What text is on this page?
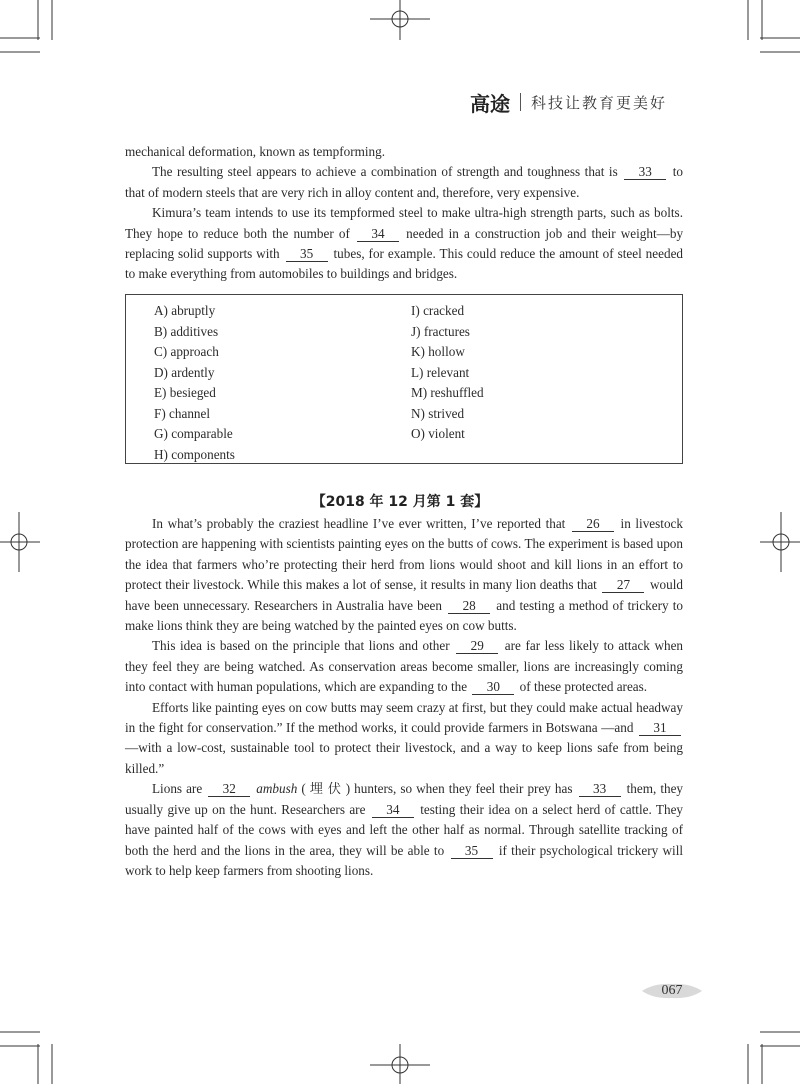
高途 科技让教育更美好

mechanical deformation, known as tempforming.

The resulting steel appears to achieve a combination of strength and toughness that is 33 to that of modern steels that are very rich in alloy content and, therefore, very expensive.

Kimura’s team intends to use its tempformed steel to make ultra-high strength parts, such as bolts. They hope to reduce both the number of 34 needed in a construction job and their weight—by replacing solid supports with 35 tubes, for example. This could reduce the amount of steel needed to make everything from automobiles to buildings and bridges.

A) abruptly
B) additives
C) approach
D) ardently
E) besieged
F) channel
G) comparable
H) components
I) cracked
J) fractures
K) hollow
L) relevant
M) reshuffled
N) strived
O) violent
【2018 年 12 月第 1 套】

In what’s probably the craziest headline I’ve ever written, I’ve reported that 26 in livestock protection are happening with scientists painting eyes on the butts of cows. The experiment is based upon the idea that farmers who’re protecting their herd from lions would shoot and kill lions in an effort to protect their livestock. While this makes a lot of sense, it results in many lion deaths that 27 would have been unnecessary. Researchers in Australia have been 28 and testing a method of trickery to make lions think they are being watched by the painted eyes on cow butts.

This idea is based on the principle that lions and other 29 are far less likely to attack when they feel they are being watched. As conservation areas become smaller, lions are increasingly coming into contact with human populations, which are expanding to the 30 of these protected areas.

Efforts like painting eyes on cow butts may seem crazy at first, but they could make actual headway in the fight for conservation.” If the method works, it could provide farmers in Botswana —and 31 —with a low-cost, sustainable tool to protect their livestock, and a way to keep lions safe from being killed.”

Lions are 32 ambush ( 埋 伏 ) hunters, so when they feel their prey has 33 them, they usually give up on the hunt. Researchers are 34 testing their idea on a select herd of cattle. They have painted half of the cows with eyes and left the other half as normal. Through satellite tracking of both the herd and the lions in the area, they will be able to 35 if their psychological trickery will work to help keep farmers from shooting lions.

067
